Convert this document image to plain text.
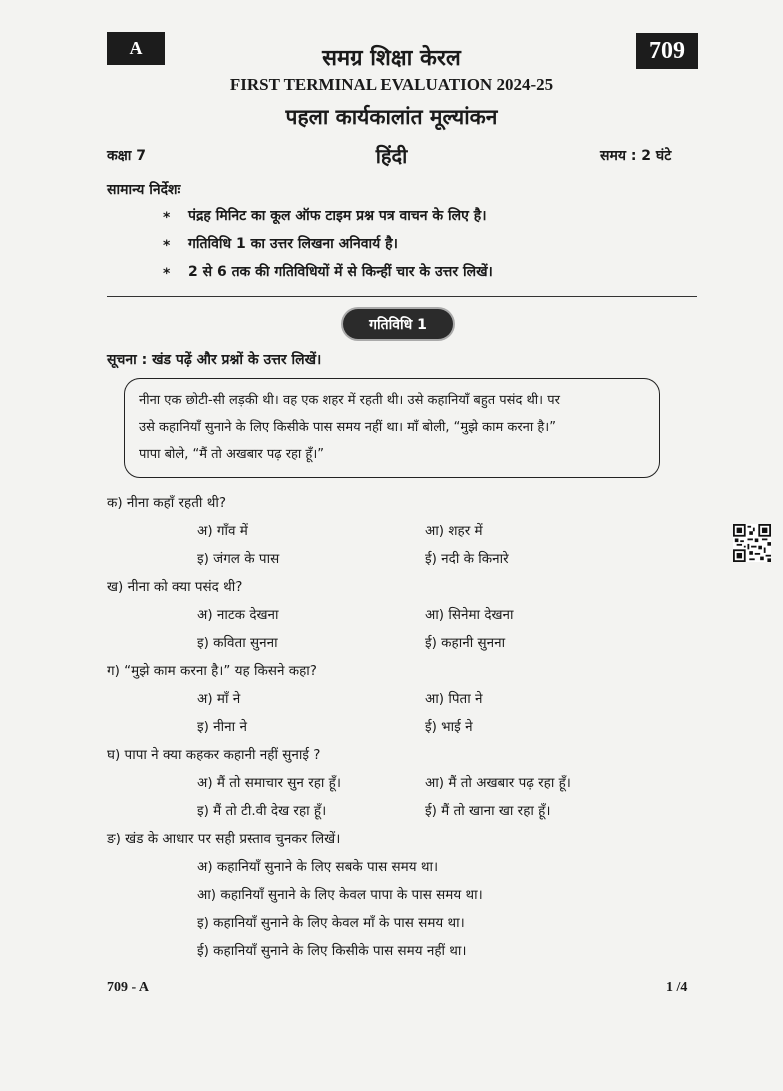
A	709
समग्र शिक्षा केरल
FIRST TERMINAL EVALUATION 2024-25
पहला कार्यकालांत मूल्यांकन
कक्षा 7	हिंदी	समय : 2 घंटे
सामान्य निर्देशः
* पंद्रह मिनिट का कूल ऑफ टाइम प्रश्न पत्र वाचन के लिए है।
* गतिविधि 1 का उत्तर लिखना अनिवार्य है।
* 2 से 6 तक की गतिविधियों में से किन्हीं चार के उत्तर लिखें।
गतिविधि 1
सूचना : खंड पढ़ें और प्रश्नों के उत्तर लिखें।
नीना एक छोटी-सी लड़की थी। वह एक शहर में रहती थी। उसे कहानियाँ बहुत पसंद थी। पर
उसे कहानियाँ सुनाने के लिए किसीके पास समय नहीं था। माँ बोली, “मुझे काम करना है।”
पापा बोले, “मैं तो अखबार पढ़ रहा हूँ।”
क) नीना कहाँ रहती थी?
अ) गाँव में	आ) शहर में
इ) जंगल के पास	ई) नदी के किनारे
ख) नीना को क्या पसंद थी?
अ) नाटक देखना	आ) सिनेमा देखना
इ) कविता सुनना	ई) कहानी सुनना
ग) “मुझे काम करना है।” यह किसने कहा?
अ) माँ ने	आ) पिता ने
इ) नीना ने	ई) भाई ने
घ) पापा ने क्या कहकर कहानी नहीं सुनाई ?
अ) मैं तो समाचार सुन रहा हूँ।	आ) मैं तो अखबार पढ़ रहा हूँ।
इ) मैं तो टी.वी देख रहा हूँ।	ई) मैं तो खाना खा रहा हूँ।
ङ) खंड के आधार पर सही प्रस्ताव चुनकर लिखें।
अ) कहानियाँ सुनाने के लिए सबके पास समय था।
आ) कहानियाँ सुनाने के लिए केवल पापा के पास समय था।
इ) कहानियाँ सुनाने के लिए केवल माँ के पास समय था।
ई) कहानियाँ सुनाने के लिए किसीके पास समय नहीं था।
709 - A	1 /4
